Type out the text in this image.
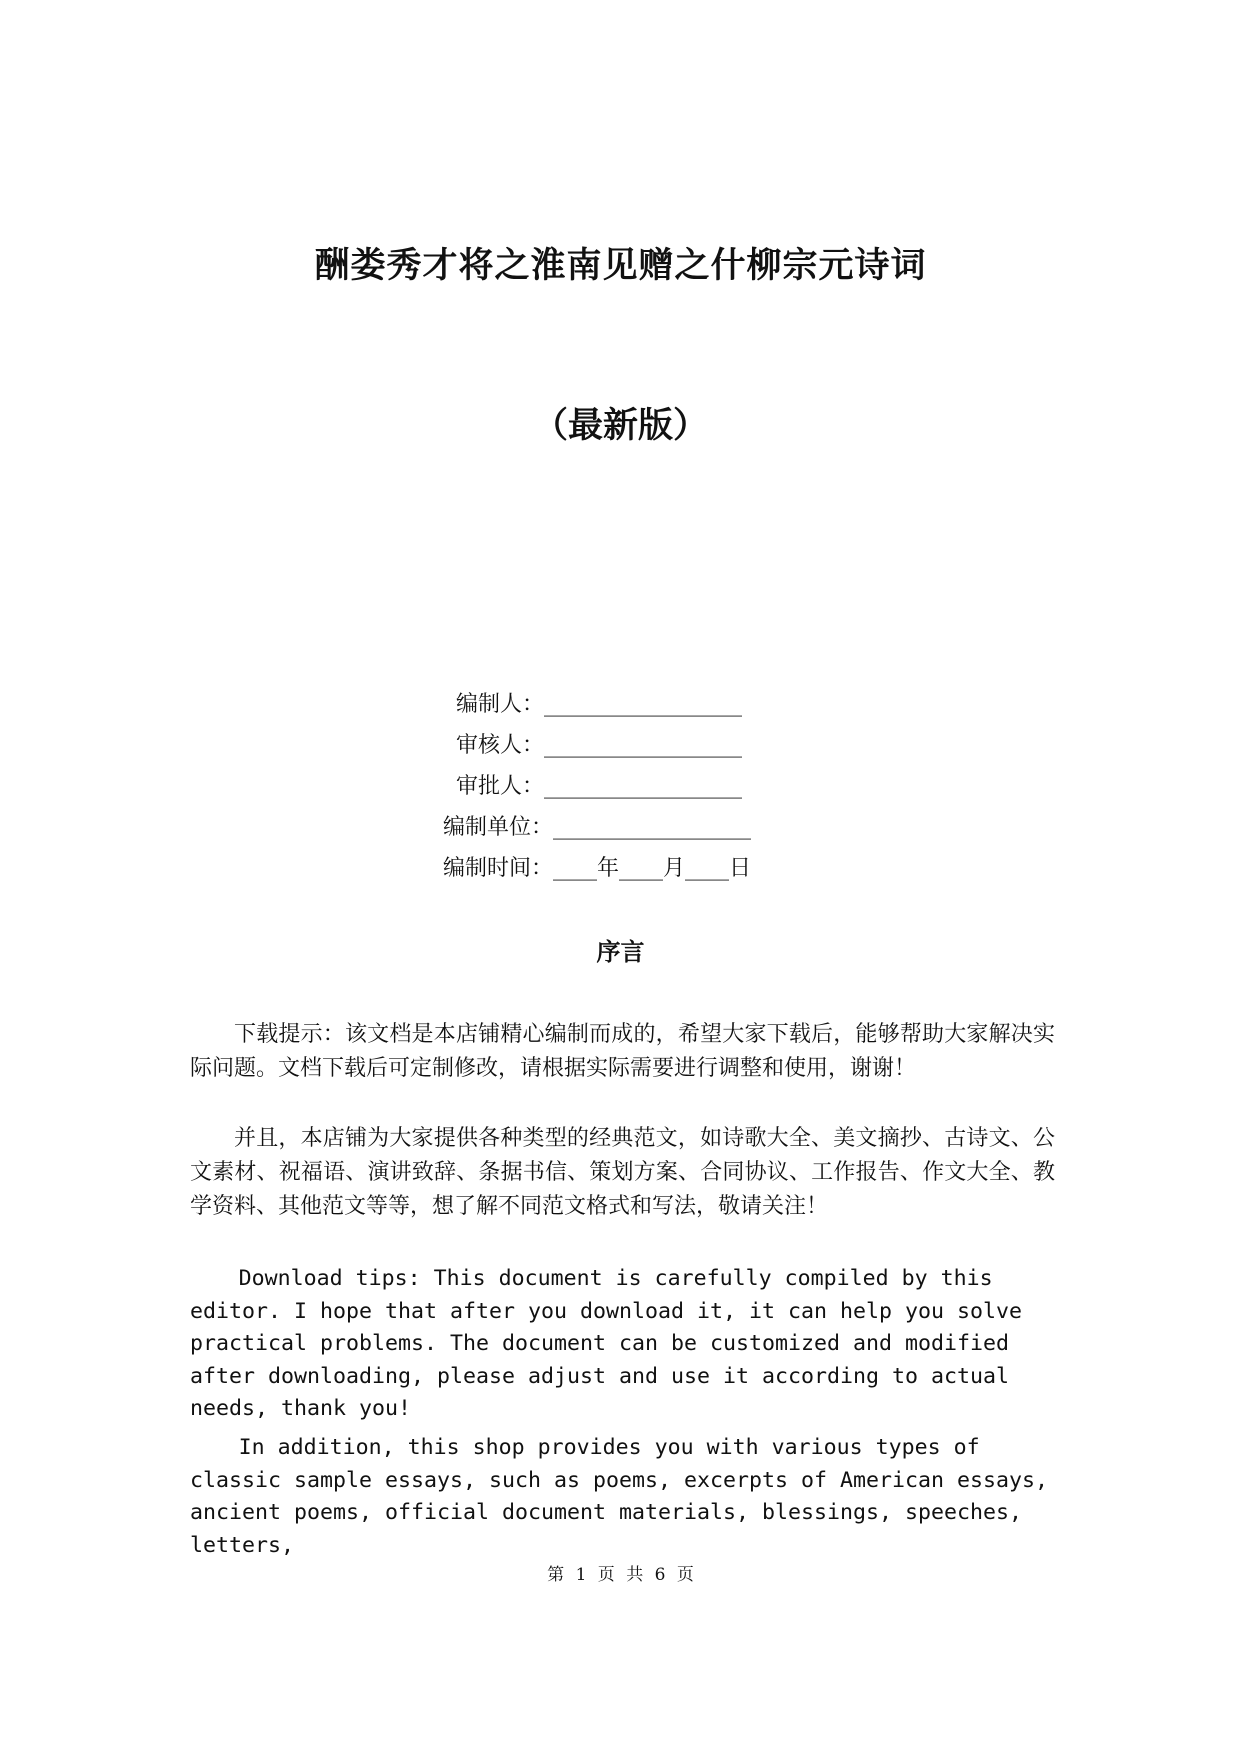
酬娄秀才将之淮南见赠之什柳宗元诗词
（最新版）
编制人：__________________
审核人：__________________
审批人：__________________
编制单位：__________________
编制时间：____年____月____日
序言

下载提示：该文档是本店铺精心编制而成的，希望大家下载后，能够帮助大家解决实际问题。文档下载后可定制修改，请根据实际需要进行调整和使用，谢谢！

并且，本店铺为大家提供各种类型的经典范文，如诗歌大全、美文摘抄、古诗文、公文素材、祝福语、演讲致辞、条据书信、策划方案、合同协议、工作报告、作文大全、教学资料、其他范文等等，想了解不同范文格式和写法，敬请关注！

Download tips: This document is carefully compiled by this editor. I hope that after you download it, it can help you solve practical problems. The document can be customized and modified after downloading, please adjust and use it according to actual needs, thank you!

In addition, this shop provides you with various types of classic sample essays, such as poems, excerpts of American essays, ancient poems, official document materials, blessings, speeches, letters,

第 1 页 共 6 页
